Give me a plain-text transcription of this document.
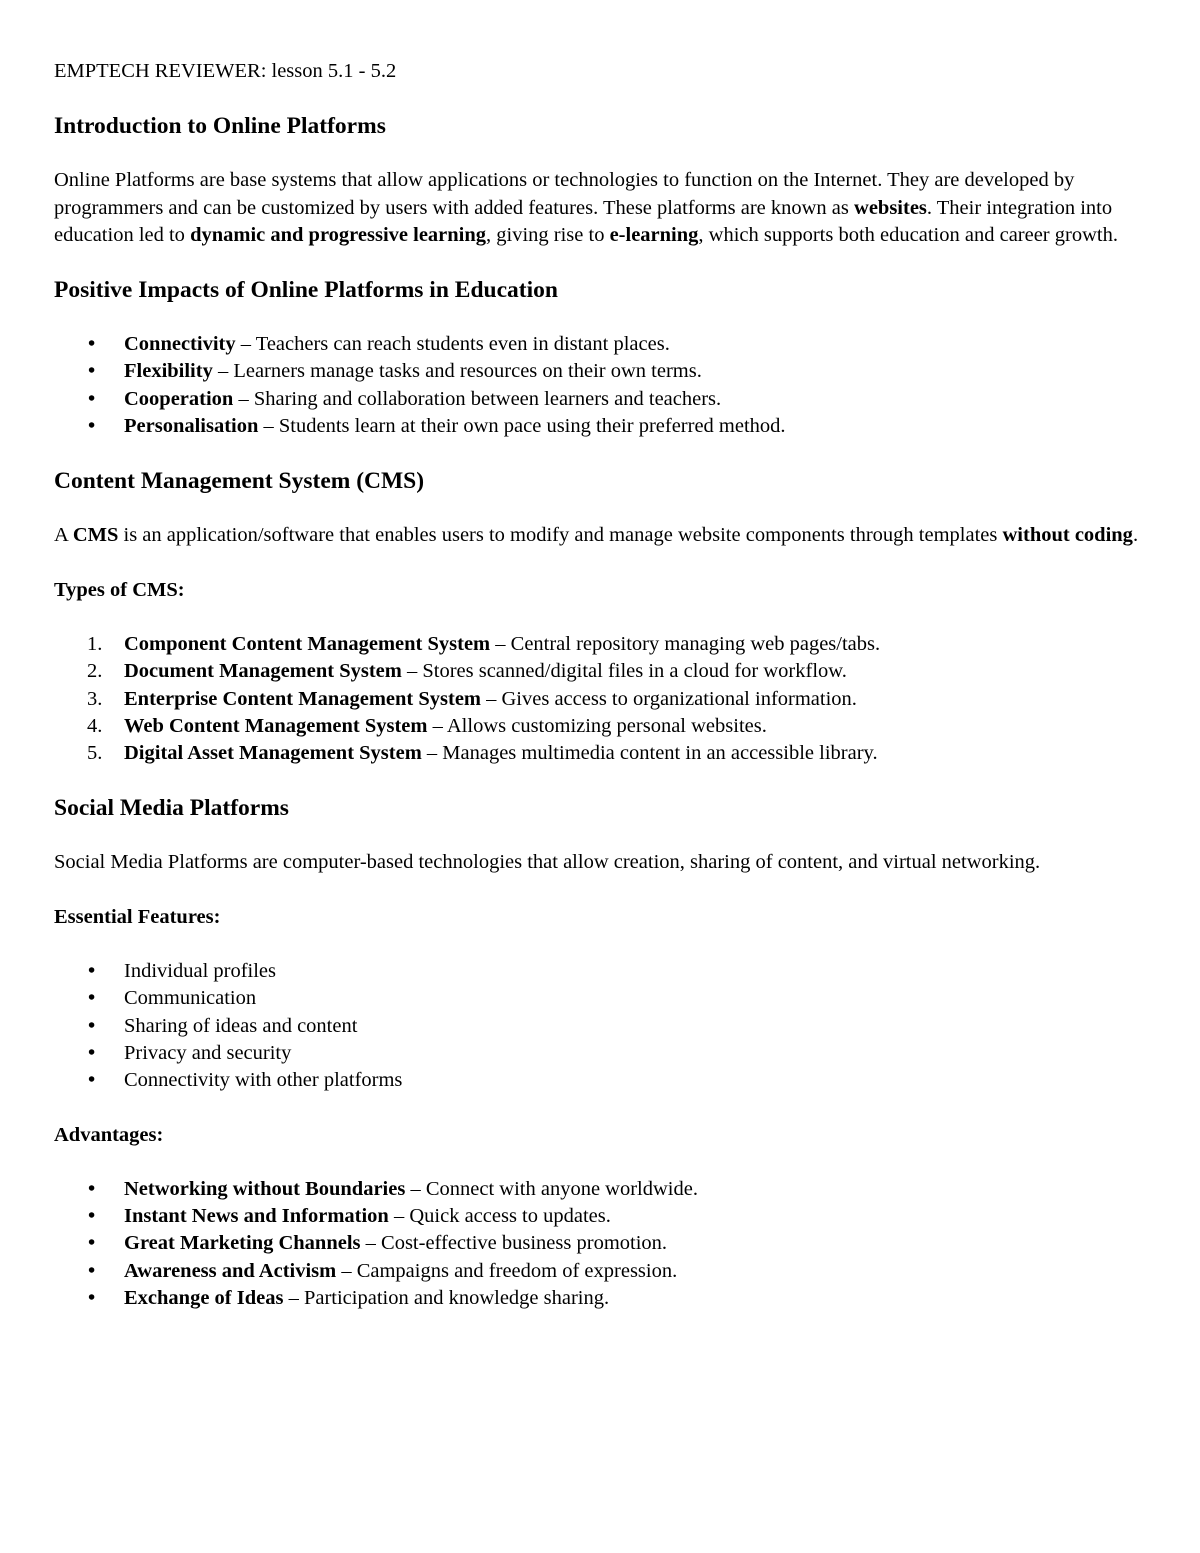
EMPTECH REVIEWER: lesson 5.1 - 5.2
Introduction to Online Platforms

Online Platforms are base systems that allow applications or technologies to function on the Internet. They are developed by programmers and can be customized by users with added features. These platforms are known as websites. Their integration into education led to dynamic and progressive learning, giving rise to e-learning, which supports both education and career growth.

Positive Impacts of Online Platforms in Education
• Connectivity – Teachers can reach students even in distant places.
• Flexibility – Learners manage tasks and resources on their own terms.
• Cooperation – Sharing and collaboration between learners and teachers.
• Personalisation – Students learn at their own pace using their preferred method.
Content Management System (CMS)

A CMS is an application/software that enables users to modify and manage website components through templates without coding.

Types of CMS:
1. Component Content Management System – Central repository managing web pages/tabs.
2. Document Management System – Stores scanned/digital files in a cloud for workflow.
3. Enterprise Content Management System – Gives access to organizational information.
4. Web Content Management System – Allows customizing personal websites.
5. Digital Asset Management System – Manages multimedia content in an accessible library.
Social Media Platforms

Social Media Platforms are computer-based technologies that allow creation, sharing of content, and virtual networking.

Essential Features:
• Individual profiles
• Communication
• Sharing of ideas and content
• Privacy and security
• Connectivity with other platforms
Advantages:
• Networking without Boundaries – Connect with anyone worldwide.
• Instant News and Information – Quick access to updates.
• Great Marketing Channels – Cost-effective business promotion.
• Awareness and Activism – Campaigns and freedom of expression.
• Exchange of Ideas – Participation and knowledge sharing.
